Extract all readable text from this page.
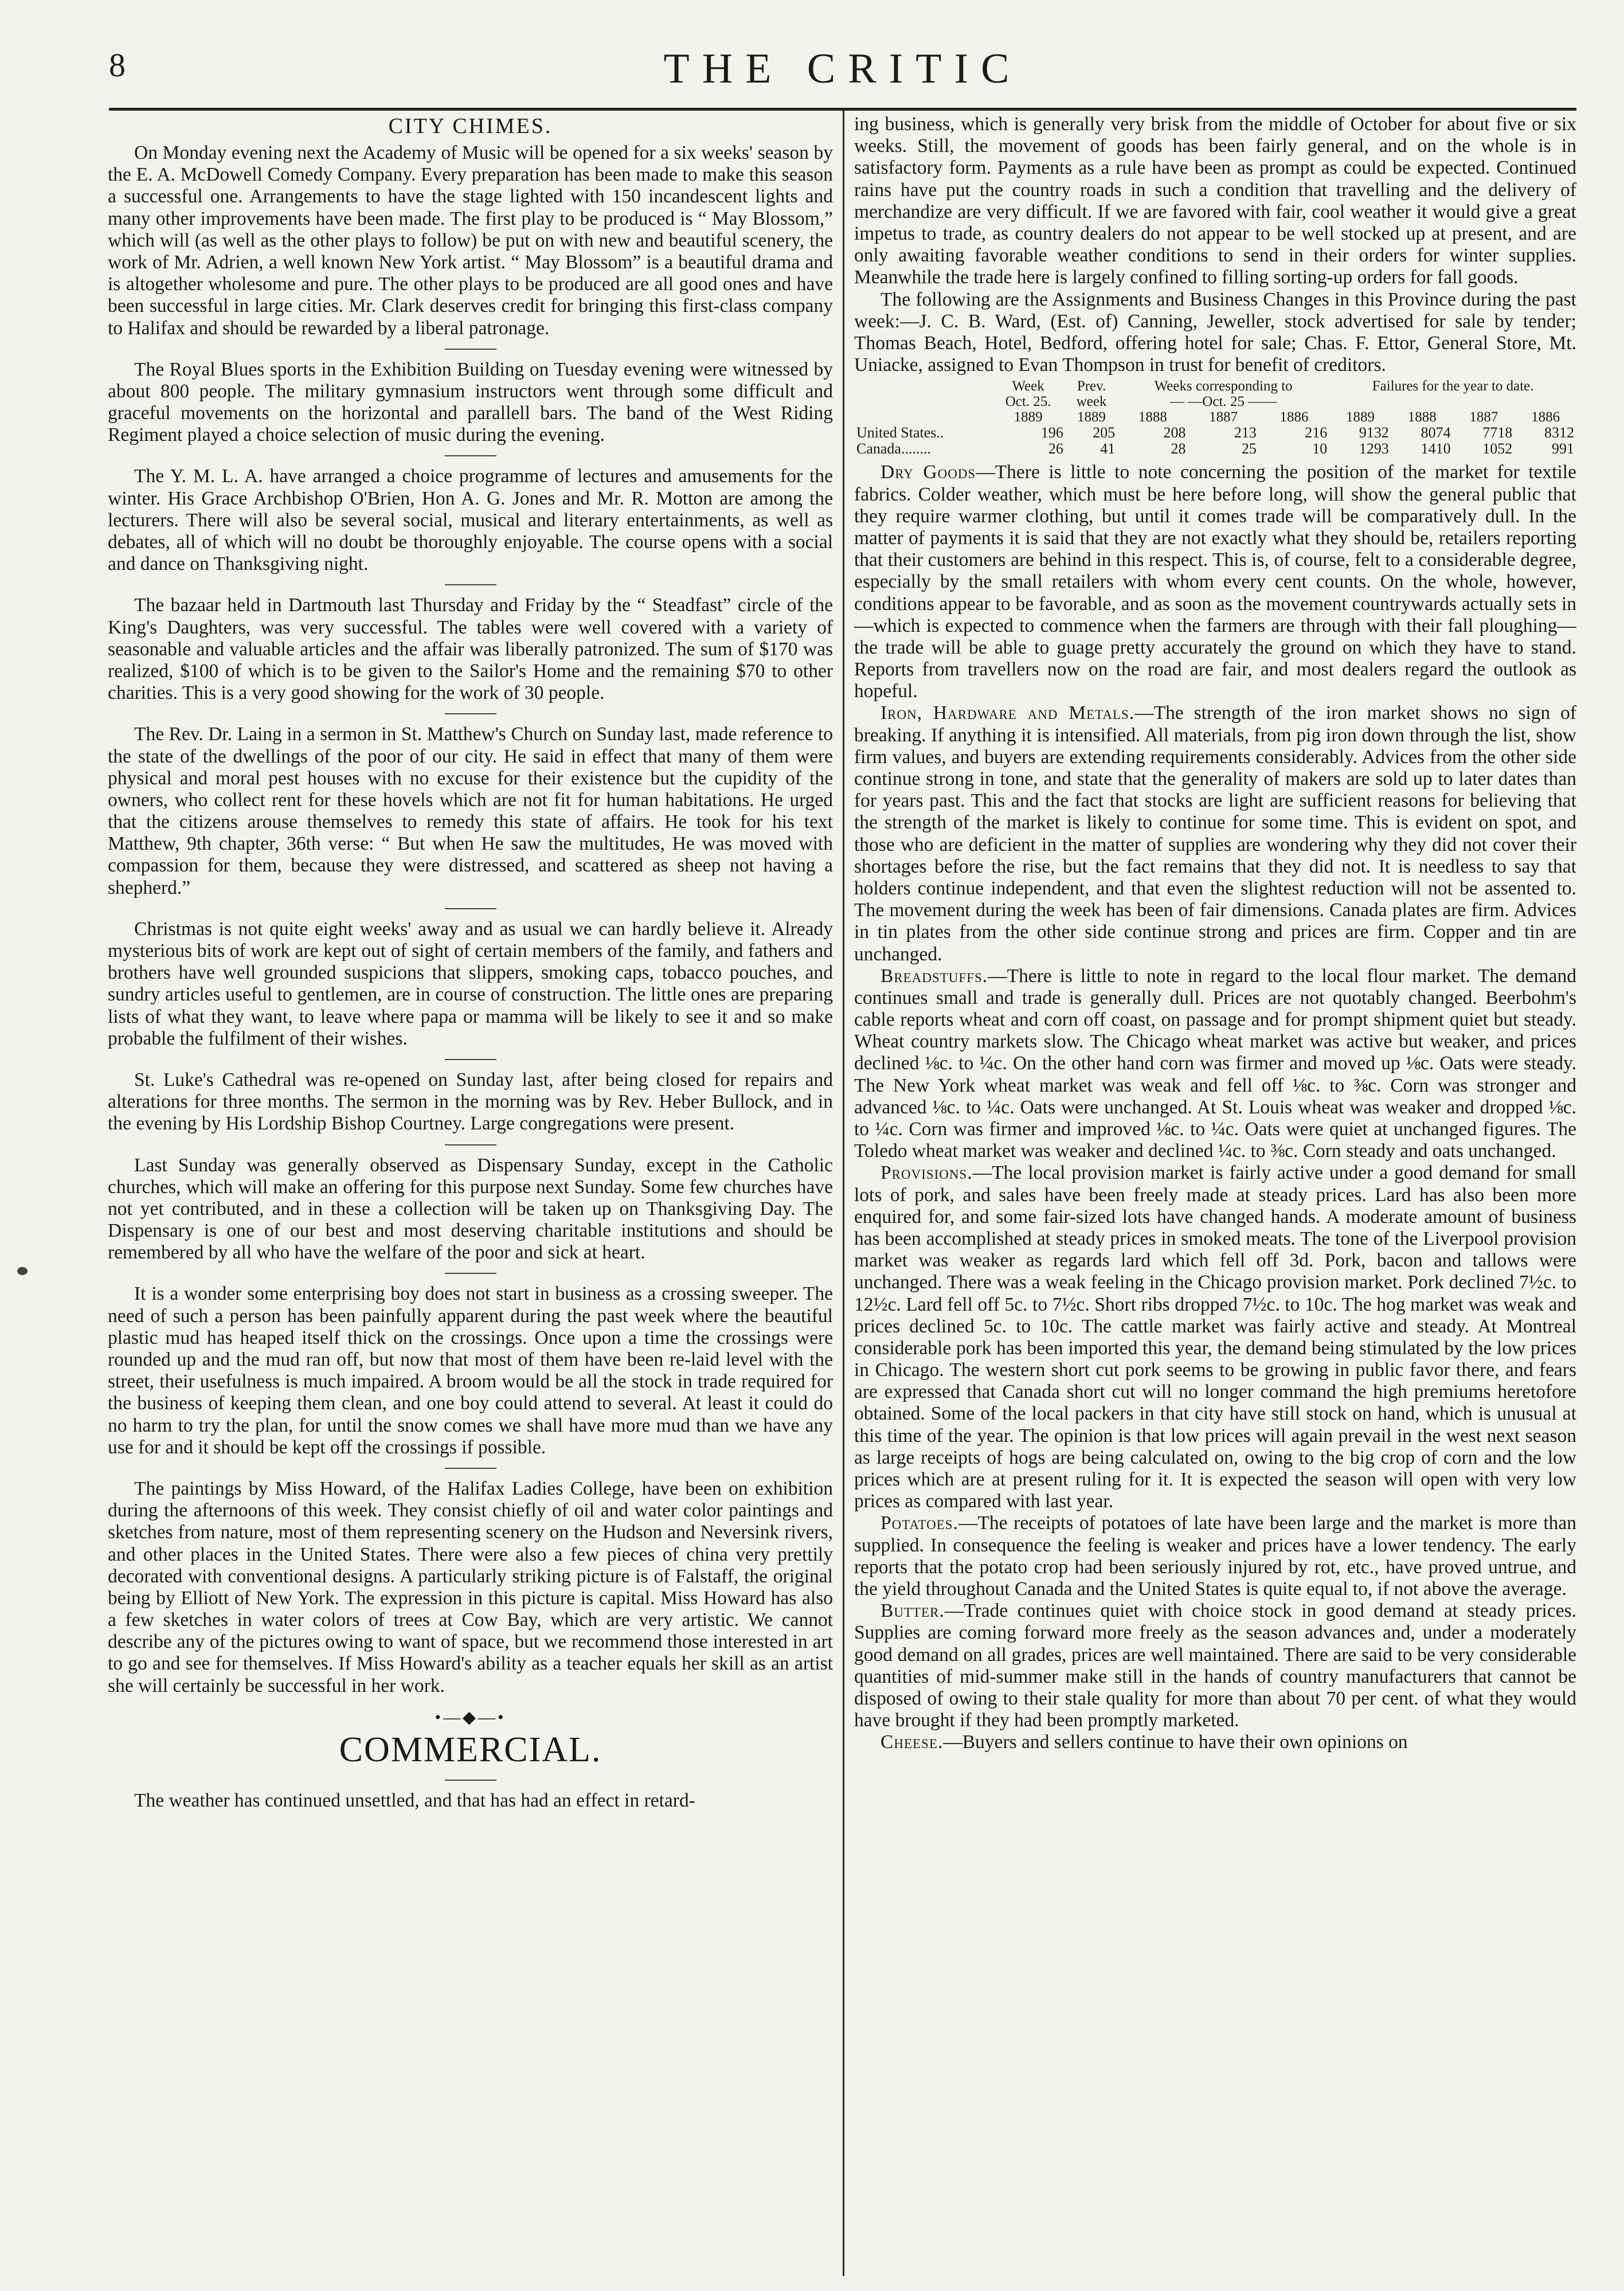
8	THE CRITIC
CITY CHIMES.

On Monday evening next the Academy of Music will be opened for a six weeks' season by the E. A. McDowell Comedy Company. Every preparation has been made to make this season a successful one. Arrangements to have the stage lighted with 150 incandescent lights and many other improvements have been made. The first play to be produced is “ May Blossom,” which will (as well as the other plays to follow) be put on with new and beautiful scenery, the work of Mr. Adrien, a well known New York artist. “ May Blossom” is a beautiful drama and is altogether wholesome and pure. The other plays to be produced are all good ones and have been successful in large cities. Mr. Clark deserves credit for bringing this first-class company to Halifax and should be rewarded by a liberal patronage.

The Royal Blues sports in the Exhibition Building on Tuesday evening were witnessed by about 800 people. The military gymnasium instructors went through some difficult and graceful movements on the horizontal and parallell bars. The band of the West Riding Regiment played a choice selection of music during the evening.

The Y. M. L. A. have arranged a choice programme of lectures and amusements for the winter. His Grace Archbishop O'Brien, Hon A. G. Jones and Mr. R. Motton are among the lecturers. There will also be several social, musical and literary entertainments, as well as debates, all of which will no doubt be thoroughly enjoyable. The course opens with a social and dance on Thanksgiving night.

The bazaar held in Dartmouth last Thursday and Friday by the “ Steadfast” circle of the King's Daughters, was very successful. The tables were well covered with a variety of seasonable and valuable articles and the affair was liberally patronized. The sum of $170 was realized, $100 of which is to be given to the Sailor's Home and the remaining $70 to other charities. This is a very good showing for the work of 30 people.

The Rev. Dr. Laing in a sermon in St. Matthew's Church on Sunday last, made reference to the state of the dwellings of the poor of our city. He said in effect that many of them were physical and moral pest houses with no excuse for their existence but the cupidity of the owners, who collect rent for these hovels which are not fit for human habitations. He urged that the citizens arouse themselves to remedy this state of affairs. He took for his text Matthew, 9th chapter, 36th verse: “ But when He saw the multitudes, He was moved with compassion for them, because they were distressed, and scattered as sheep not having a shepherd.”

Christmas is not quite eight weeks' away and as usual we can hardly believe it. Already mysterious bits of work are kept out of sight of certain members of the family, and fathers and brothers have well grounded suspicions that slippers, smoking caps, tobacco pouches, and sundry articles useful to gentlemen, are in course of construction. The little ones are preparing lists of what they want, to leave where papa or mamma will be likely to see it and so make probable the fulfilment of their wishes.

St. Luke's Cathedral was re-opened on Sunday last, after being closed for repairs and alterations for three months. The sermon in the morning was by Rev. Heber Bullock, and in the evening by His Lordship Bishop Courtney. Large congregations were present.

Last Sunday was generally observed as Dispensary Sunday, except in the Catholic churches, which will make an offering for this purpose next Sunday. Some few churches have not yet contributed, and in these a collection will be taken up on Thanksgiving Day. The Dispensary is one of our best and most deserving charitable institutions and should be remembered by all who have the welfare of the poor and sick at heart.

It is a wonder some enterprising boy does not start in business as a crossing sweeper. The need of such a person has been painfully apparent during the past week where the beautiful plastic mud has heaped itself thick on the crossings. Once upon a time the crossings were rounded up and the mud ran off, but now that most of them have been re-laid level with the street, their usefulness is much impaired. A broom would be all the stock in trade required for the business of keeping them clean, and one boy could attend to several. At least it could do no harm to try the plan, for until the snow comes we shall have more mud than we have any use for and it should be kept off the crossings if possible.

The paintings by Miss Howard, of the Halifax Ladies College, have been on exhibition during the afternoons of this week. They consist chiefly of oil and water color paintings and sketches from nature, most of them representing scenery on the Hudson and Neversink rivers, and other places in the United States. There were also a few pieces of china very prettily decorated with conventional designs. A particularly striking picture is of Falstaff, the original being by Elliott of New York. The expression in this picture is capital. Miss Howard has also a few sketches in water colors of trees at Cow Bay, which are very artistic. We cannot describe any of the pictures owing to want of space, but we recommend those interested in art to go and see for themselves. If Miss Howard's ability as a teacher equals her skill as an artist she will certainly be successful in her work.

•—◆—•
COMMERCIAL.

The weather has continued unsettled, and that has had an effect in retard-

ing business, which is generally very brisk from the middle of October for about five or six weeks. Still, the movement of goods has been fairly general, and on the whole is in satisfactory form. Payments as a rule have been as prompt as could be expected. Continued rains have put the country roads in such a condition that travelling and the delivery of merchandize are very difficult. If we are favored with fair, cool weather it would give a great impetus to trade, as country dealers do not appear to be well stocked up at present, and are only awaiting favorable weather conditions to send in their orders for winter supplies. Meanwhile the trade here is largely confined to filling sorting-up orders for fall goods.

The following are the Assignments and Business Changes in this Province during the past week:—J. C. B. Ward, (Est. of) Canning, Jeweller, stock advertised for sale by tender; Thomas Beach, Hotel, Bedford, offering hotel for sale; Chas. F. Ettor, General Store, Mt. Uniacke, assigned to Evan Thompson in trust for benefit of creditors.

	Week	Prev.	Weeks corresponding to			Failures for the year to date.			
	Oct. 25.	week	— —Oct. 25 ——						
	1889	1889	1888	1887	1886	1889	1888	1887	1886
United States..	196	205	208	213	216	9132	8074	7718	8312
Canada........	26	41	28	25	10	1293	1410	1052	991

Dry Goods—There is little to note concerning the position of the market for textile fabrics. Colder weather, which must be here before long, will show the general public that they require warmer clothing, but until it comes trade will be comparatively dull. In the matter of payments it is said that they are not exactly what they should be, retailers reporting that their customers are behind in this respect. This is, of course, felt to a considerable degree, especially by the small retailers with whom every cent counts. On the whole, however, conditions appear to be favorable, and as soon as the movement countrywards actually sets in—which is expected to commence when the farmers are through with their fall ploughing—the trade will be able to guage pretty accurately the ground on which they have to stand. Reports from travellers now on the road are fair, and most dealers regard the outlook as hopeful.

Iron, Hardware and Metals.—The strength of the iron market shows no sign of breaking. If anything it is intensified. All materials, from pig iron down through the list, show firm values, and buyers are extending requirements considerably. Advices from the other side continue strong in tone, and state that the generality of makers are sold up to later dates than for years past. This and the fact that stocks are light are sufficient reasons for believing that the strength of the market is likely to continue for some time. This is evident on spot, and those who are deficient in the matter of supplies are wondering why they did not cover their shortages before the rise, but the fact remains that they did not. It is needless to say that holders continue independent, and that even the slightest reduction will not be assented to. The movement during the week has been of fair dimensions. Canada plates are firm. Advices in tin plates from the other side continue strong and prices are firm. Copper and tin are unchanged.

Breadstuffs.—There is little to note in regard to the local flour market. The demand continues small and trade is generally dull. Prices are not quotably changed. Beerbohm's cable reports wheat and corn off coast, on passage and for prompt shipment quiet but steady. Wheat country markets slow. The Chicago wheat market was active but weaker, and prices declined ⅛c. to ¼c. On the other hand corn was firmer and moved up ⅛c. Oats were steady. The New York wheat market was weak and fell off ⅛c. to ⅜c. Corn was stronger and advanced ⅛c. to ¼c. Oats were unchanged. At St. Louis wheat was weaker and dropped ⅛c. to ¼c. Corn was firmer and improved ⅛c. to ¼c. Oats were quiet at unchanged figures. The Toledo wheat market was weaker and declined ¼c. to ⅜c. Corn steady and oats unchanged.

Provisions.—The local provision market is fairly active under a good demand for small lots of pork, and sales have been freely made at steady prices. Lard has also been more enquired for, and some fair-sized lots have changed hands. A moderate amount of business has been accomplished at steady prices in smoked meats. The tone of the Liverpool provision market was weaker as regards lard which fell off 3d. Pork, bacon and tallows were unchanged. There was a weak feeling in the Chicago provision market. Pork declined 7½c. to 12½c. Lard fell off 5c. to 7½c. Short ribs dropped 7½c. to 10c. The hog market was weak and prices declined 5c. to 10c. The cattle market was fairly active and steady. At Montreal considerable pork has been imported this year, the demand being stimulated by the low prices in Chicago. The western short cut pork seems to be growing in public favor there, and fears are expressed that Canada short cut will no longer command the high premiums heretofore obtained. Some of the local packers in that city have still stock on hand, which is unusual at this time of the year. The opinion is that low prices will again prevail in the west next season as large receipts of hogs are being calculated on, owing to the big crop of corn and the low prices which are at present ruling for it. It is expected the season will open with very low prices as compared with last year.

Potatoes.—The receipts of potatoes of late have been large and the market is more than supplied. In consequence the feeling is weaker and prices have a lower tendency. The early reports that the potato crop had been seriously injured by rot, etc., have proved untrue, and the yield throughout Canada and the United States is quite equal to, if not above the average.

Butter.—Trade continues quiet with choice stock in good demand at steady prices. Supplies are coming forward more freely as the season advances and, under a moderately good demand on all grades, prices are well maintained. There are said to be very considerable quantities of mid-summer make still in the hands of country manufacturers that cannot be disposed of owing to their stale quality for more than about 70 per cent. of what they would have brought if they had been promptly marketed.

Cheese.—Buyers and sellers continue to have their own opinions on
